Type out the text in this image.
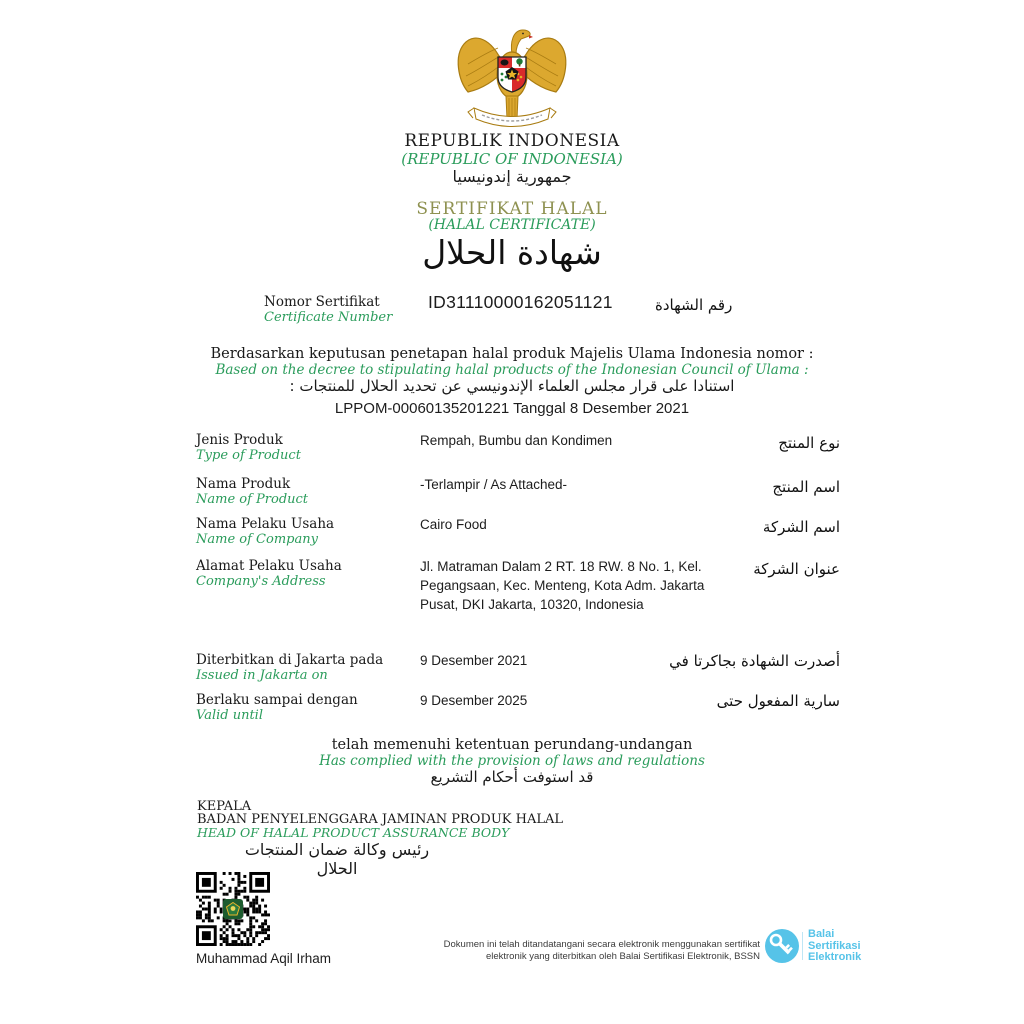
REPUBLIK INDONESIA
(REPUBLIC OF INDONESIA)
جمهورية إندونيسيا
SERTIFIKAT HALAL
(HALAL CERTIFICATE)
شهادة الحلال
Nomor Sertifikat
Certificate Number
ID31110000162051121	رقم الشهادة
Berdasarkan keputusan penetapan halal produk Majelis Ulama Indonesia nomor :
Based on the decree to stipulating halal products of the Indonesian Council of Ulama :
استنادا على قرار مجلس العلماء الإندونيسي عن تحديد الحلال للمنتجات :
LPPOM-00060135201221 Tanggal 8 Desember 2021
Jenis Produk
Type of Product
Rempah, Bumbu dan Kondimen	نوع المنتج
Nama Produk
Name of Product
-Terlampir / As Attached-	اسم المنتج
Nama Pelaku Usaha
Name of Company
Cairo Food	اسم الشركة
Alamat Pelaku Usaha
Company's Address
Jl. Matraman Dalam 2 RT. 18 RW. 8 No. 1, Kel. Pegangsaan, Kec. Menteng, Kota Adm. Jakarta Pusat, DKI Jakarta, 10320, Indonesia
عنوان الشركة
Diterbitkan di Jakarta pada
Issued in Jakarta on
9 Desember 2021	أصدرت الشهادة بجاكرتا في
Berlaku sampai dengan
Valid until
9 Desember 2025	سارية المفعول حتى
telah memenuhi ketentuan perundang-undangan
Has complied with the provision of laws and regulations
قد استوفت أحكام التشريع
KEPALA
BADAN PENYELENGGARA JAMINAN PRODUK HALAL
HEAD OF HALAL PRODUCT ASSURANCE BODY
رئيس وكالة ضمان المنتجات الحلال
Muhammad Aqil Irham
Dokumen ini telah ditandatangani secara elektronik menggunakan sertifikat
elektronik yang diterbitkan oleh Balai Sertifikasi Elektronik, BSSN
Balai
Sertifikasi
Elektronik
